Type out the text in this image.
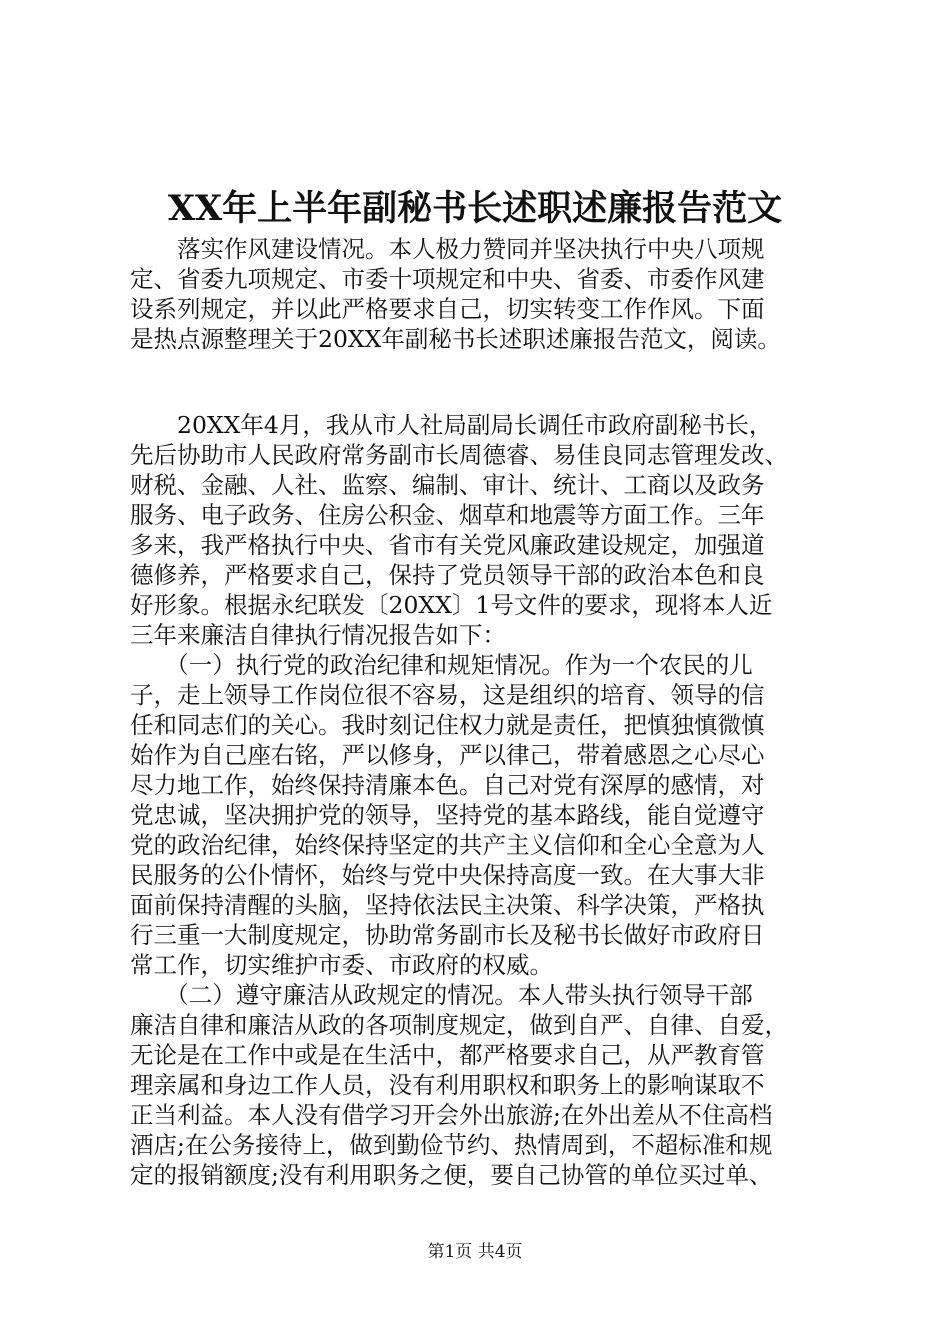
XX年上半年副秘书长述职述廉报告范文
　　落实作风建设情况。本人极力赞同并坚决执行中央八项规
定、省委九项规定、市委十项规定和中央、省委、市委作风建
设系列规定，并以此严格要求自己，切实转变工作作风。下面
是热点源整理关于20XX年副秘书长述职述廉报告范文，阅读。
　　20XX年4月，我从市人社局副局长调任市政府副秘书长，
先后协助市人民政府常务副市长周德睿、易佳良同志管理发改、
财税、金融、人社、监察、编制、审计、统计、工商以及政务
服务、电子政务、住房公积金、烟草和地震等方面工作。三年
多来，我严格执行中央、省市有关党风廉政建设规定，加强道
德修养，严格要求自己，保持了党员领导干部的政治本色和良
好形象。根据永纪联发〔20XX〕1号文件的要求，现将本人近
三年来廉洁自律执行情况报告如下：
　　（一）执行党的政治纪律和规矩情况。作为一个农民的儿
子，走上领导工作岗位很不容易，这是组织的培育、领导的信
任和同志们的关心。我时刻记住权力就是责任，把慎独慎微慎
始作为自己座右铭，严以修身，严以律己，带着感恩之心尽心
尽力地工作，始终保持清廉本色。自己对党有深厚的感情，对
党忠诚，坚决拥护党的领导，坚持党的基本路线，能自觉遵守
党的政治纪律，始终保持坚定的共产主义信仰和全心全意为人
民服务的公仆情怀，始终与党中央保持高度一致。在大事大非
面前保持清醒的头脑，坚持依法民主决策、科学决策，严格执
行三重一大制度规定，协助常务副市长及秘书长做好市政府日
常工作，切实维护市委、市政府的权威。
　　（二）遵守廉洁从政规定的情况。本人带头执行领导干部
廉洁自律和廉洁从政的各项制度规定，做到自严、自律、自爱，
无论是在工作中或是在生活中，都严格要求自己，从严教育管
理亲属和身边工作人员，没有利用职权和职务上的影响谋取不
正当利益。本人没有借学习开会外出旅游;在外出差从不住高档
酒店;在公务接待上，做到勤俭节约、热情周到，不超标准和规
定的报销额度;没有利用职务之便，要自己协管的单位买过单、
第1页 共4页
